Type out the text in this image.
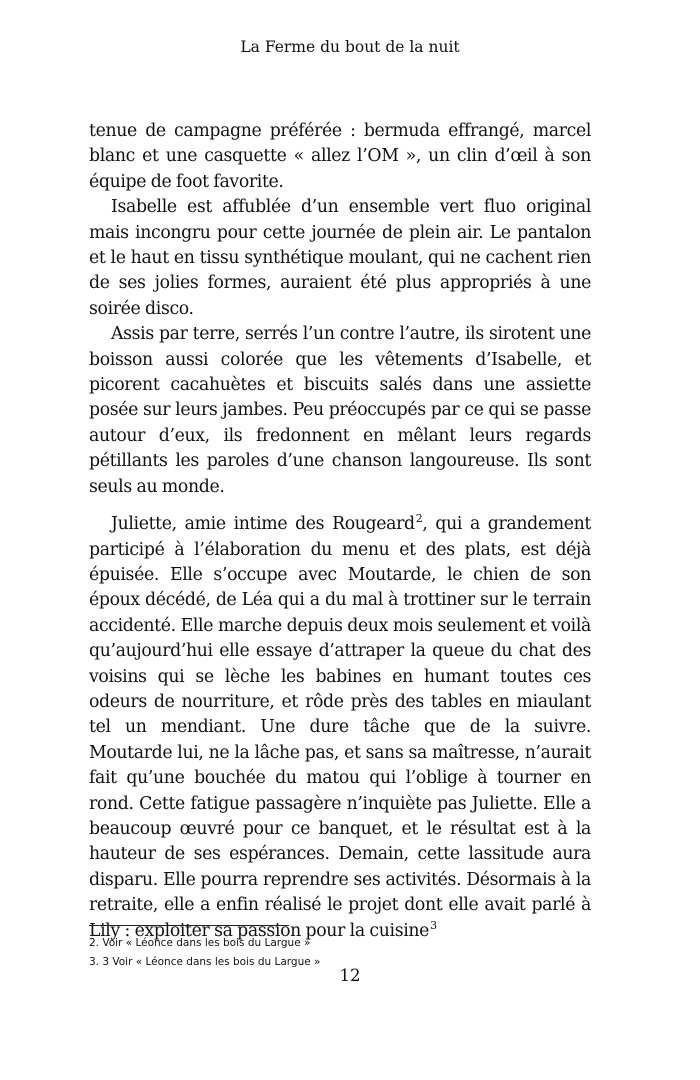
La Ferme du bout de la nuit

tenue de campagne préférée : bermuda effrangé, marcel blanc et une casquette « allez l’OM », un clin d’œil à son équipe de foot favorite.

Isabelle est affublée d’un ensemble vert fluo original mais incongru pour cette journée de plein air. Le pantalon et le haut en tissu synthétique moulant, qui ne cachent rien de ses jolies formes, auraient été plus appropriés à une soirée disco.

Assis par terre, serrés l’un contre l’autre, ils sirotent une boisson aussi colorée que les vêtements d’Isabelle, et picorent cacahuètes et biscuits salés dans une assiette posée sur leurs jambes. Peu préoccupés par ce qui se passe autour d’eux, ils fredonnent en mêlant leurs regards pétillants les paroles d’une chanson langoureuse. Ils sont seuls au monde.

Juliette, amie intime des Rougeard$^2$, qui a grandement participé à l’élaboration du menu et des plats, est déjà épuisée. Elle s’occupe avec Moutarde, le chien de son époux décédé, de Léa qui a du mal à trottiner sur le terrain accidenté. Elle marche depuis deux mois seulement et voilà qu’aujourd’hui elle essaye d’attraper la queue du chat des voisins qui se lèche les babines en humant toutes ces odeurs de nourriture, et rôde près des tables en miaulant tel un mendiant. Une dure tâche que de la suivre. Moutarde lui, ne la lâche pas, et sans sa maîtresse, n’aurait fait qu’une bouchée du matou qui l’oblige à tourner en rond. Cette fatigue passagère n’inquiète pas Juliette. Elle a beaucoup œuvré pour ce banquet, et le résultat est à la hauteur de ses espérances. Demain, cette lassitude aura disparu. Elle pourra reprendre ses activités. Désormais à la retraite, elle a enfin réalisé le projet dont elle avait parlé à Lily : exploiter sa passion pour la cuisine$^3$

2. Voir « Léonce dans les bois du Largue »
3. 3 Voir « Léonce dans les bois du Largue »
12
